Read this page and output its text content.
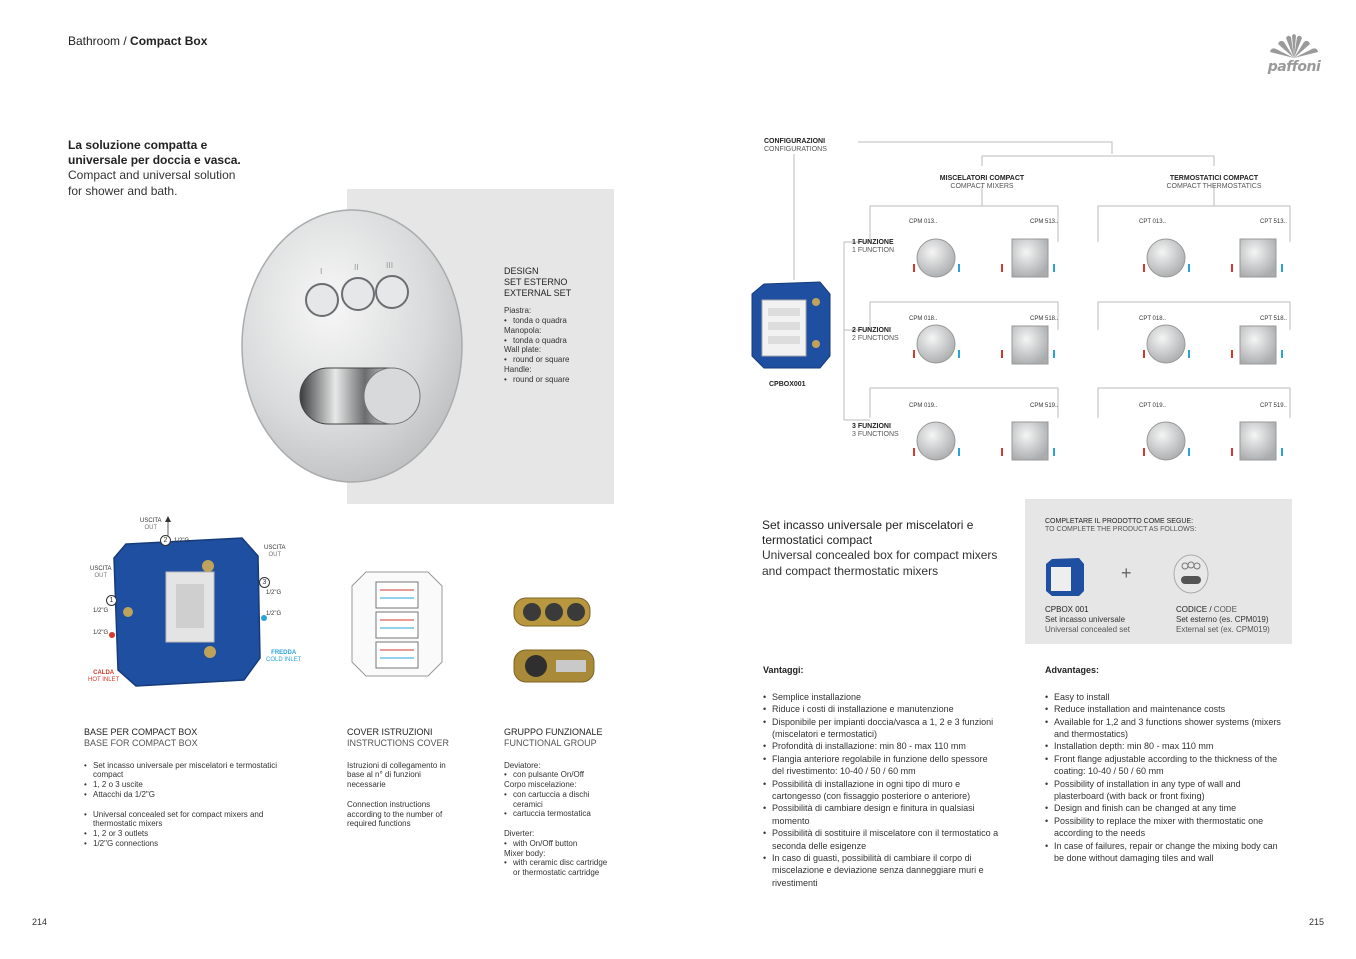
Bathroom / Compact Box
paffoni
La soluzione compatta e
universale per doccia e vasca.
Compact and universal solution
for shower and bath.
I	II	III
DESIGN
SET ESTERNO
EXTERNAL SET
Piastra:
• tonda o quadra
Manopola:
• tonda o quadra
Wall plate:
• round or square
Handle:
• round or square
USCITA
OUT
2	1/2"G
USCITA
OUT
3
1/2"G
1/2"G
FREDDA
COLD INLET
USCITA
OUT
1
1/2"G
1/2"G
CALDA
HOT INLET
BASE PER COMPACT BOX
BASE FOR COMPACT BOX
• Set incasso universale per miscelatori e termostatici compact
• 1, 2 o 3 uscite
• Attacchi da 1/2"G
• Universal concealed set for compact mixers and thermostatic mixers
• 1, 2 or 3 outlets
• 1/2"G connections
COVER ISTRUZIONI
INSTRUCTIONS COVER
Istruzioni di collegamento in base al n° di funzioni necessarie
Connection instructions according to the number of required functions
GRUPPO FUNZIONALE
FUNCTIONAL GROUP
Deviatore:
• con pulsante On/Off
Corpo miscelazione:
• con cartuccia a dischi ceramici
• cartuccia termostatica
Diverter:
• with On/Off button
Mixer body:
• with ceramic disc cartridge or thermostatic cartridge
214
CONFIGURAZIONI
CONFIGURATIONS
MISCELATORI COMPACT
COMPACT MIXERS
TERMOSTATICI COMPACT
COMPACT THERMOSTATICS
CPBOX001
1 FUNZIONE
1 FUNCTION
2 FUNZIONI
2 FUNCTIONS
3 FUNZIONI
3 FUNCTIONS
CPM 013..	CPM 513..	CPT 013..	CPT 513..
CPM 018..	CPM 518..	CPT 018..	CPT 518..
CPM 019..	CPM 519..	CPT 019..	CPT 519..
Set incasso universale per miscelatori e
termostatici compact
Universal concealed box for compact mixers
and compact thermostatic mixers
COMPLETARE IL PRODOTTO COME SEGUE:
TO COMPLETE THE PRODUCT AS FOLLOWS:
+
CPBOX 001
Set incasso universale
Universal concealed set
CODICE / CODE
Set esterno (es. CPM019)
External set (ex. CPM019)
Vantaggi:
• Semplice installazione
• Riduce i costi di installazione e manutenzione
• Disponibile per impianti doccia/vasca a 1, 2 e 3 funzioni (miscelatori e termostatici)
• Profondità di installazione: min 80 - max 110 mm
• Flangia anteriore regolabile in funzione dello spessore del rivestimento: 10-40 / 50 / 60 mm
• Possibilità di installazione in ogni tipo di muro e cartongesso (con fissaggio posteriore o anteriore)
• Possibilità di cambiare design e finitura in qualsiasi momento
• Possibilità di sostituire il miscelatore con il termostatico a seconda delle esigenze
• In caso di guasti, possibilità di cambiare il corpo di miscelazione e deviazione senza danneggiare muri e rivestimenti
Advantages:
• Easy to install
• Reduce installation and maintenance costs
• Available for 1,2 and 3 functions shower systems (mixers and thermostatics)
• Installation depth: min 80 - max 110 mm
• Front flange adjustable according to the thickness of the coating: 10-40 / 50 / 60 mm
• Possibility of installation in any type of wall and plasterboard (with back or front fixing)
• Design and finish can be changed at any time
• Possibility to replace the mixer with thermostatic one according to the needs
• In case of failures, repair or change the mixing body can be done without damaging tiles and wall
215
